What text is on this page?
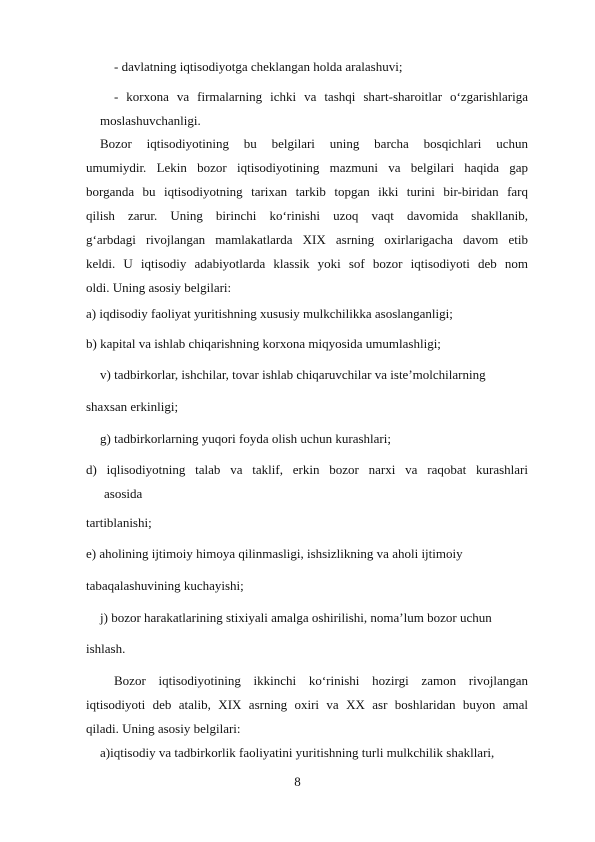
- davlatning iqtisodiyotga cheklangan holda aralashuvi;

- korxona va firmalarning ichki va tashqi shart-sharoitlar o‘zgarishlariga

moslashuvchanligi.

Bozor iqtisodiyotining bu belgilari uning barcha bosqichlari uchun

umumiydir. Lekin bozor iqtisodiyotining mazmuni va belgilari haqida gap

borganda bu iqtisodiyotning tarixan tarkib topgan ikki turini bir-biridan farq

qilish zarur. Uning birinchi ko‘rinishi uzoq vaqt davomida shakllanib,

g‘arbdagi rivojlangan mamlakatlarda XIX asrning oxirlarigacha davom etib

keldi. U iqtisodiy adabiyotlarda klassik yoki sof bozor iqtisodiyoti deb nom

oldi. Uning asosiy belgilari:

a) iqdisodiy faoliyat yuritishning xususiy mulkchilikka asoslanganligi;

b) kapital va ishlab chiqarishning korxona miqyosida umumlashligi;

v) tadbirkorlar, ishchilar, tovar ishlab chiqaruvchilar va iste’molchilarning

shaxsan erkinligi;

g) tadbirkorlarning yuqori foyda olish uchun kurashlari;

d) iqlisodiyotning talab va taklif, erkin bozor narxi va raqobat kurashlari

asosida

tartiblanishi;

e) aholining ijtimoiy himoya qilinmasligi, ishsizlikning va aholi ijtimoiy

tabaqalashuvining kuchayishi;

j) bozor harakatlarining stixiyali amalga oshirilishi, noma’lum bozor uchun

ishlash.

Bozor iqtisodiyotining ikkinchi ko‘rinishi hozirgi zamon rivojlangan

iqtisodiyoti deb atalib, XIX asrning oxiri va XX asr boshlaridan buyon amal

qiladi. Uning asosiy belgilari:

a)iqtisodiy va tadbirkorlik faoliyatini yuritishning turli mulkchilik shakllari,

8
